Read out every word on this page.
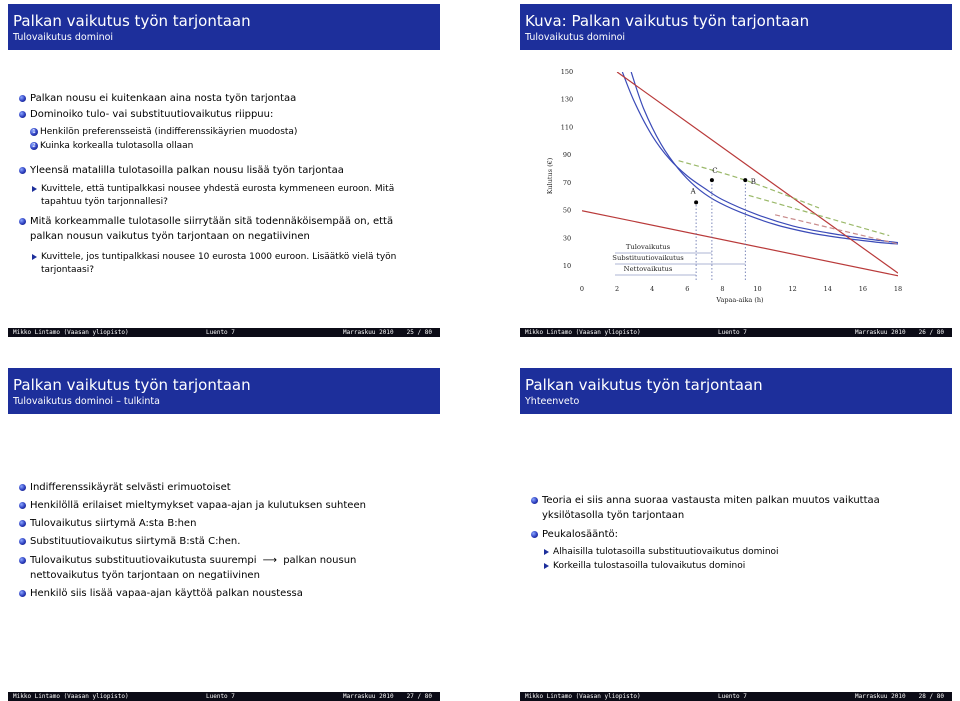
Palkan vaikutus työn tarjontaan
Tulovaikutus dominoi
Palkan nousu ei kuitenkaan aina nosta työn tarjontaa
Dominoiko tulo- vai substituutiovaikutus riippuu:
1 Henkilön preferensseistä (indifferenssikäyrien muodosta)
2 Kuinka korkealla tulotasolla ollaan
Yleensä matalilla tulotasoilla palkan nousu lisää työn tarjontaa
Kuvittele, että tuntipalkkasi nousee yhdestä eurosta kymmeneen euroon. Mitä
tapahtuu työn tarjonnallesi?
Mitä korkeammalle tulotasolle siirrytään sitä todennäköisempää on, että
palkan nousun vaikutus työn tarjontaan on negatiivinen
Kuvittele, jos tuntipalkkasi nousee 10 eurosta 1000 euroon. Lisäätkö vielä työn
tarjontaasi?
Mikko Lintamo (Vaasan yliopisto)	Luento 7	Marraskuu 2010 25 / 80
Kuva: Palkan vaikutus työn tarjontaan
Tulovaikutus dominoi
10
30
50
70
90
110
130
150
0	2	4	6	8	10	12	14	16	18
Vapaa-aika (h)
Kulutus (€)	A
B
C
Tulovaikutus
Substituutiovaikutus
Nettovaikutus
Mikko Lintamo (Vaasan yliopisto)	Luento 7	Marraskuu 2010 26 / 80
Palkan vaikutus työn tarjontaan
Tulovaikutus dominoi – tulkinta
Indifferenssikäyrät selvästi erimuotoiset
Henkilöllä erilaiset mieltymykset vapaa-ajan ja kulutuksen suhteen
Tulovaikutus siirtymä A:sta B:hen
Substituutiovaikutus siirtymä B:stä C:hen.
Tulovaikutus substituutiovaikutusta suurempi ⟶ palkan nousun
nettovaikutus työn tarjontaan on negatiivinen
Henkilö siis lisää vapaa-ajan käyttöä palkan noustessa
Mikko Lintamo (Vaasan yliopisto)	Luento 7	Marraskuu 2010 27 / 80
Palkan vaikutus työn tarjontaan
Yhteenveto
Teoria ei siis anna suoraa vastausta miten palkan muutos vaikuttaa
yksilötasolla työn tarjontaan
Peukalosääntö:
Alhaisilla tulotasoilla substituutiovaikutus dominoi
Korkeilla tulostasoilla tulovaikutus dominoi
Mikko Lintamo (Vaasan yliopisto)	Luento 7	Marraskuu 2010 28 / 80
